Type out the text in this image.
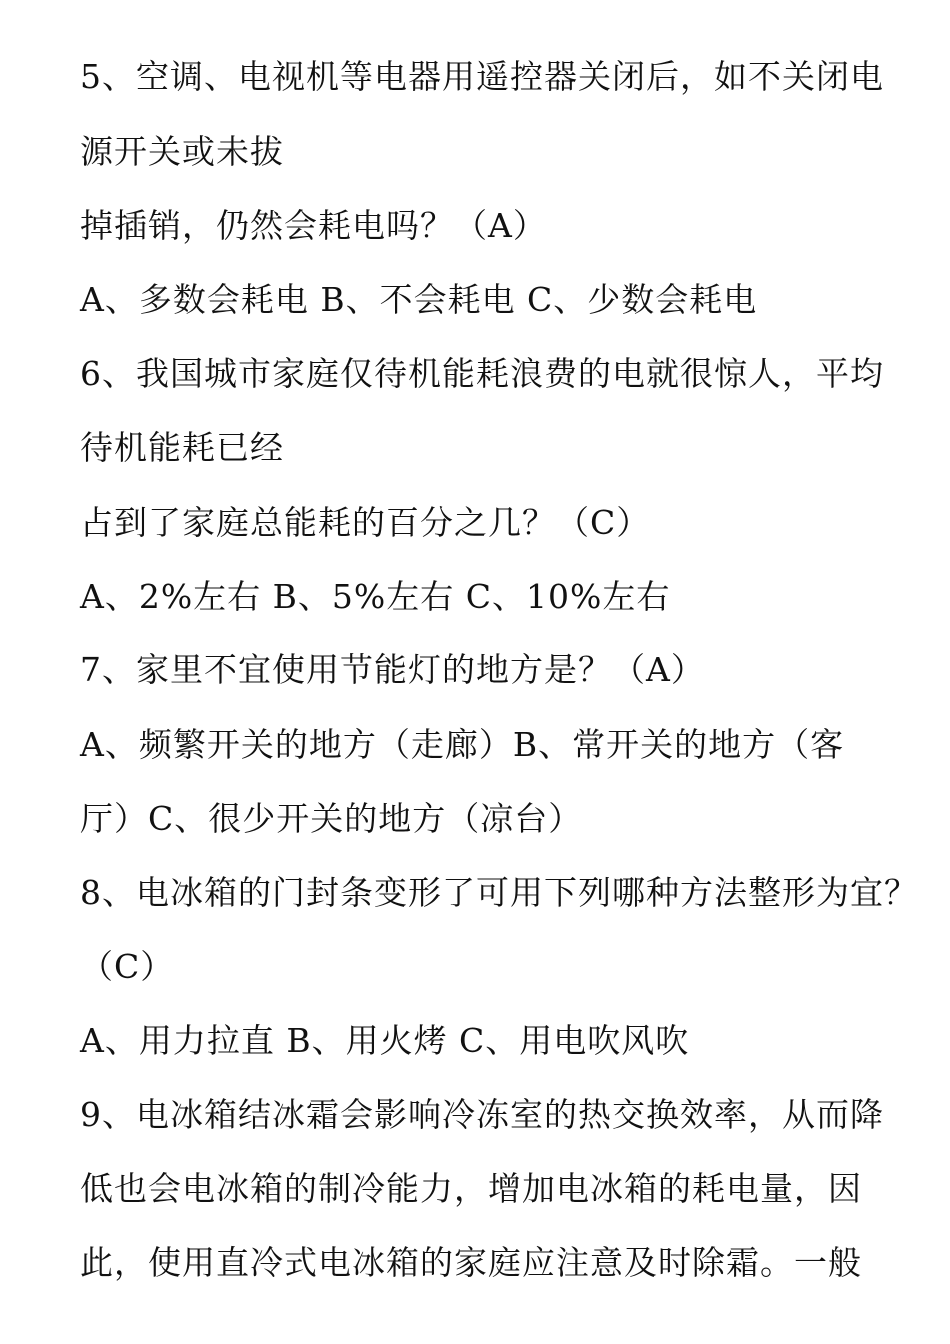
5、空调、电视机等电器用遥控器关闭后，如不关闭电
源开关或未拔
掉插销，仍然会耗电吗？（A）
A、多数会耗电 B、不会耗电 C、少数会耗电
6、我国城市家庭仅待机能耗浪费的电就很惊人，平均
待机能耗已经
占到了家庭总能耗的百分之几？（C）
A、2%左右 B、5%左右 C、10%左右
7、家里不宜使用节能灯的地方是？（A）
A、频繁开关的地方（走廊）B、常开关的地方（客
厅）C、很少开关的地方（凉台）
8、电冰箱的门封条变形了可用下列哪种方法整形为宜？
（C）
A、用力拉直 B、用火烤 C、用电吹风吹
9、电冰箱结冰霜会影响冷冻室的热交换效率，从而降
低也会电冰箱的制冷能力，增加电冰箱的耗电量，因
此，使用直冷式电冰箱的家庭应注意及时除霜。一般
